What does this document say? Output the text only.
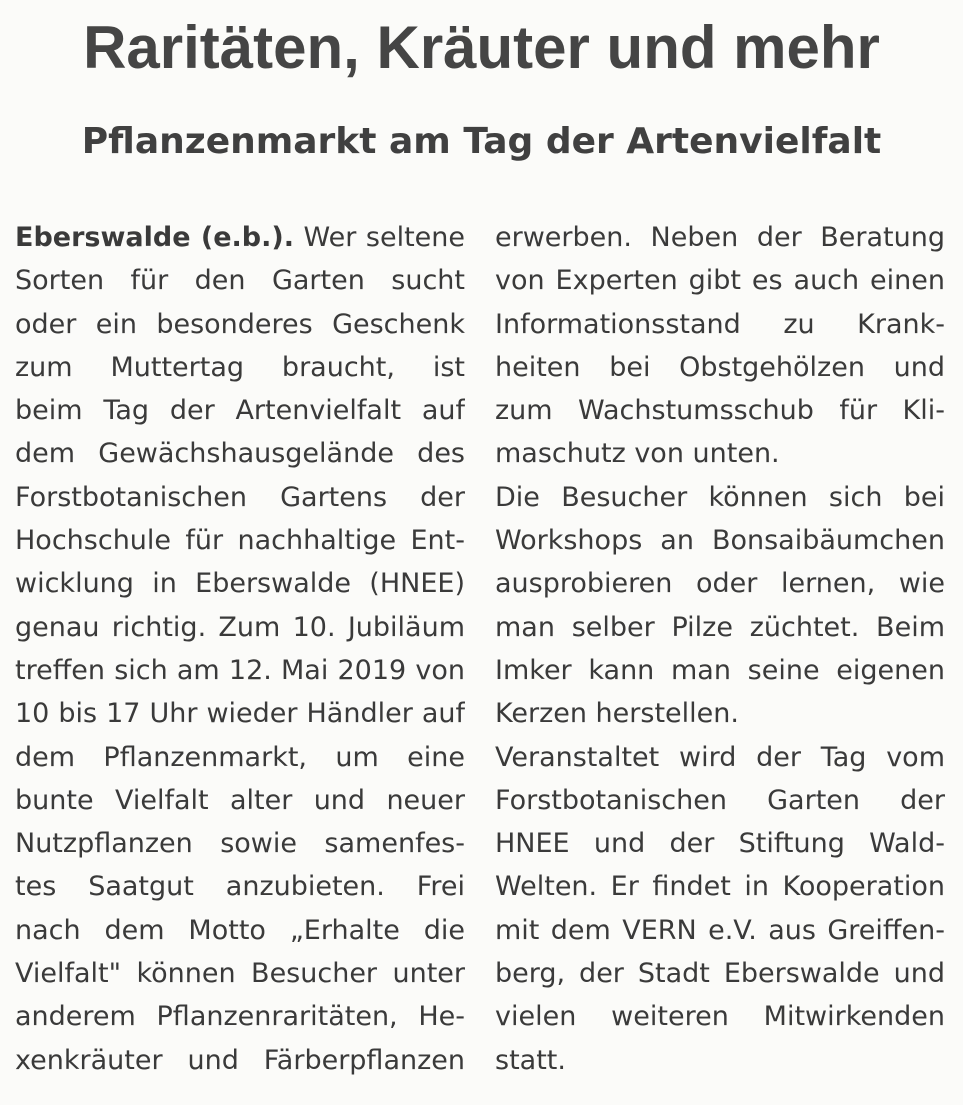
Raritäten, Kräuter und mehr
Pflanzenmarkt am Tag der Artenvielfalt
Eberswalde (e.b.). Wer seltene
Sorten für den Garten sucht
oder ein besonderes Geschenk
zum Muttertag braucht, ist
beim Tag der Artenvielfalt auf
dem Gewächshausgelände des
Forstbotanischen Gartens der
Hochschule für nachhaltige Ent-
wicklung in Eberswalde (HNEE)
genau richtig. Zum 10. Jubiläum
treffen sich am 12. Mai 2019 von
10 bis 17 Uhr wieder Händler auf
dem Pflanzenmarkt, um eine
bunte Vielfalt alter und neuer
Nutzpflanzen sowie samenfes-
tes Saatgut anzubieten. Frei
nach dem Motto „Erhalte die
Vielfalt" können Besucher unter
anderem Pflanzenraritäten, He-
xenkräuter und Färberpflanzen
erwerben. Neben der Beratung
von Experten gibt es auch einen
Informationsstand zu Krank-
heiten bei Obstgehölzen und
zum Wachstumsschub für Kli-
maschutz von unten.
Die Besucher können sich bei
Workshops an Bonsaibäumchen
ausprobieren oder lernen, wie
man selber Pilze züchtet. Beim
Imker kann man seine eigenen
Kerzen herstellen.
Veranstaltet wird der Tag vom
Forstbotanischen Garten der
HNEE und der Stiftung Wald-
Welten. Er findet in Kooperation
mit dem VERN e.V. aus Greiffen-
berg, der Stadt Eberswalde und
vielen weiteren Mitwirkenden
statt.
